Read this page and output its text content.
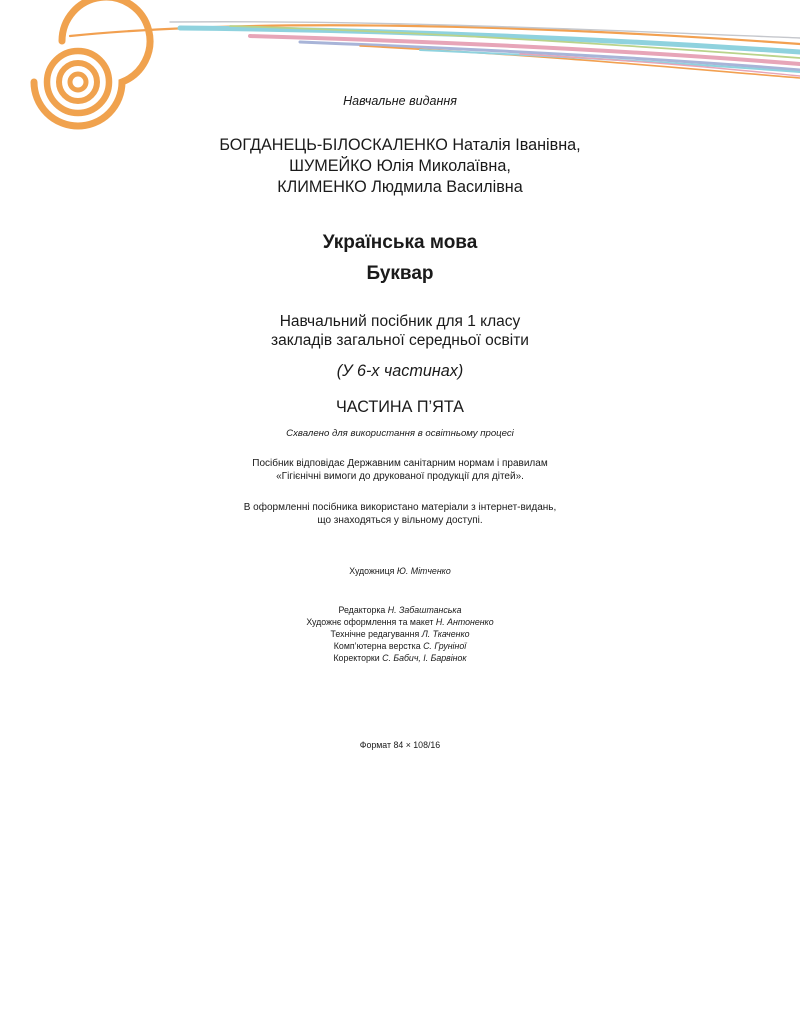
Навчальне видання

БОГДАНЕЦЬ-БІЛОСКАЛЕНКО Наталія Іванівна,

ШУМЕЙКО Юлія Миколаївна,

КЛИМЕНКО Людмила Василівна

Українська мова

Буквар

Навчальний посібник для 1 класу

закладів загальної середньої освіти

(У 6-х частинах)

ЧАСТИНА П’ЯТА

Схвалено для використання в освітньому процесі

Посібник відповідає Державним санітарним нормам і правилам

«Гігієнічні вимоги до друкованої продукції для дітей».

В оформленні посібника використано матеріали з інтернет-видань,

що знаходяться у вільному доступі.

Художниця Ю. Мітченко

Редакторка Н. Забаштанська

Художнє оформлення та макет Н. Антоненко

Технічне редагування Л. Ткаченко

Комп’ютерна верстка С. Груніної

Коректорки С. Бабич, І. Барвінок

Формат 84 × 108/16
